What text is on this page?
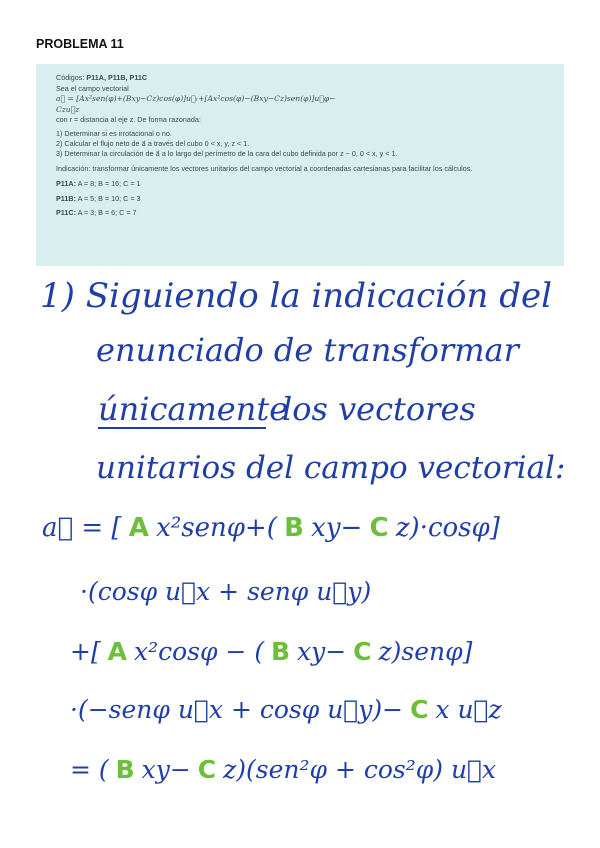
PROBLEMA 11

Códigos: P11A, P11B, P11C

Sea el campo vectorial

a⃗ = [Ax²sen(φ)+(Bxy−Cz)cos(φ)]u⃗ᵣ+[Ax²cos(φ)−(Bxy−Cz)sen(φ)]u⃗φ−

Czu⃗z

con r = distancia al eje z. De forma razonada:

1) Determinar si es irrotacional o no.

2) Calcular el flujo neto de a⃗ a través del cubo 0 < x, y, z < 1.

3) Determinar la circulación de a⃗ a lo largo del perímetro de la cara del cubo definida por z − 0, 0 < x, y < 1.

Indicación: transformar únicamente los vectores unitarios del campo vectorial a coordenadas cartesianas para facilitar los cálculos.

P11A: A = 8; B = 16; C = 1

P11B: A = 5; B = 10; C = 3

P11C: A = 3; B = 6; C = 7

1) Siguiendo la indicación del
enunciado de transformar
únicamente
los vectores
unitarios del campo vectorial:
a⃗ = [ A x²senφ+( B xy− C z)·cosφ]
·(cosφ u⃗x + senφ u⃗y)
+[ A x²cosφ − ( B xy− C z)senφ]
·(−senφ u⃗x + cosφ u⃗y)− C x u⃗z
= ( B xy− C z)(sen²φ + cos²φ) u⃗x
